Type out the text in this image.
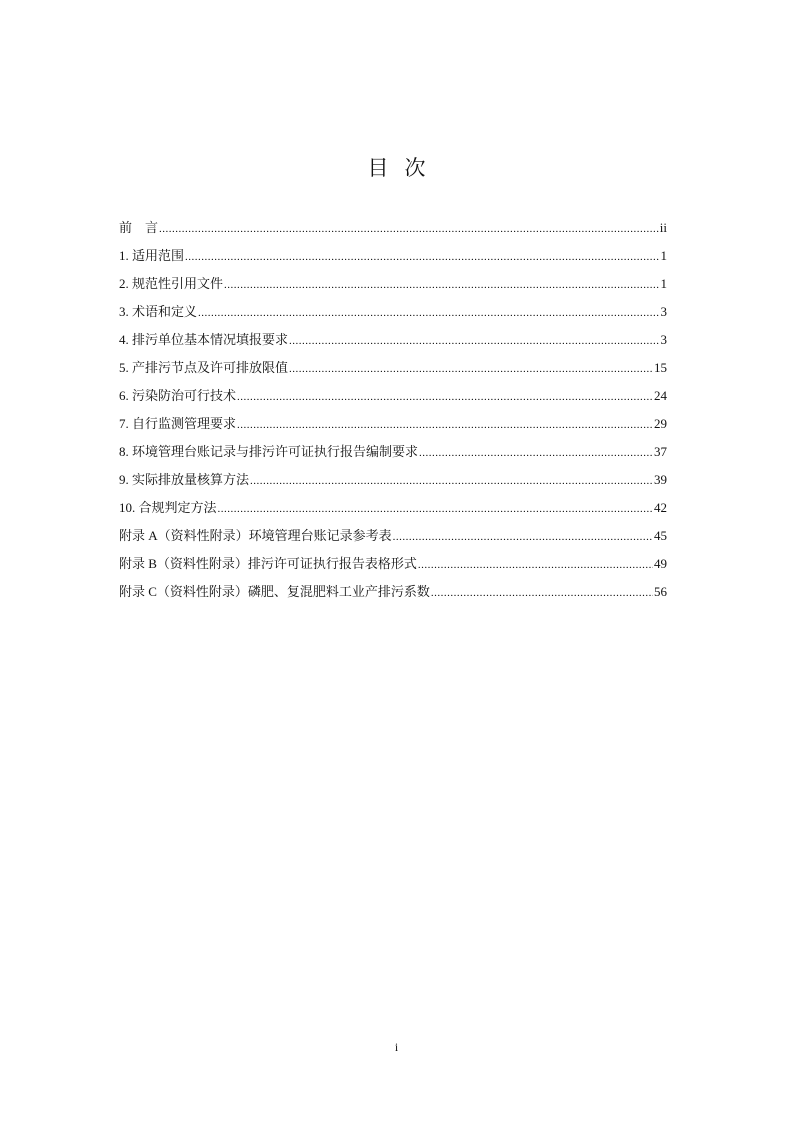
目 次
前　言 .....	ii
1. 适用范围 .....	1
2. 规范性引用文件 .....	1
3. 术语和定义 .....	3
4. 排污单位基本情况填报要求 .....	3
5. 产排污节点及许可排放限值 .....	15
6. 污染防治可行技术 .....	24
7. 自行监测管理要求 .....	29
8. 环境管理台账记录与排污许可证执行报告编制要求 .....	37
9. 实际排放量核算方法 .....	39
10. 合规判定方法 .....	42
附录 A（资料性附录）环境管理台账记录参考表 .....	45
附录 B（资料性附录）排污许可证执行报告表格形式 .....	49
附录 C（资料性附录）磷肥、复混肥料工业产排污系数 .....	56
i
